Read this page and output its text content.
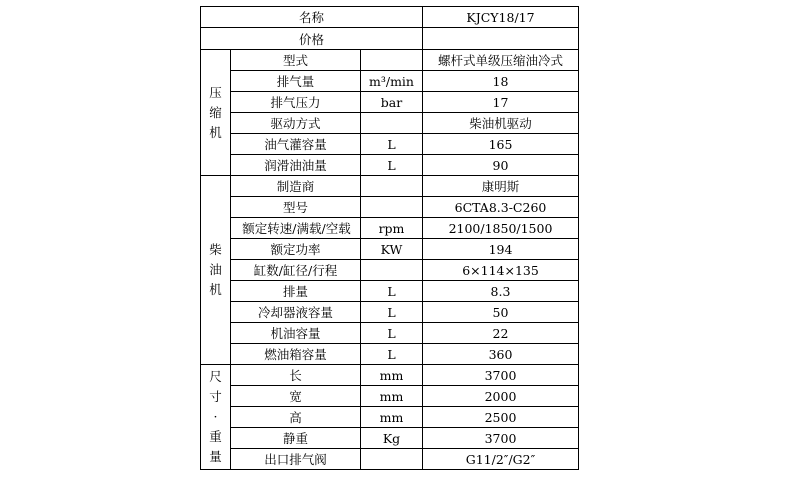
名称			KJCY18/17
价格			

压
缩
机	型式		螺杆式单级压缩油冷式
	排气量	m³/min	18
	排气压力	bar	17
	驱动方式		柴油机驱动
	油气灌容量	L	165
	润滑油油量	L	90

柴
油
机	制造商		康明斯
	型号		6CTA8.3-C260
	额定转速/满载/空载	rpm	2100/1850/1500
	额定功率	KW	194
	缸数/缸径/行程		6×114×135
	排量	L	8.3
	冷却器液容量	L	50
	机油容量	L	22
	燃油箱容量	L	360

尺
寸
·
重
量	长	mm	3700
	宽	mm	2000
	高	mm	2500
	静重	Kg	3700
	出口排气阀		G11/2″/G2″
